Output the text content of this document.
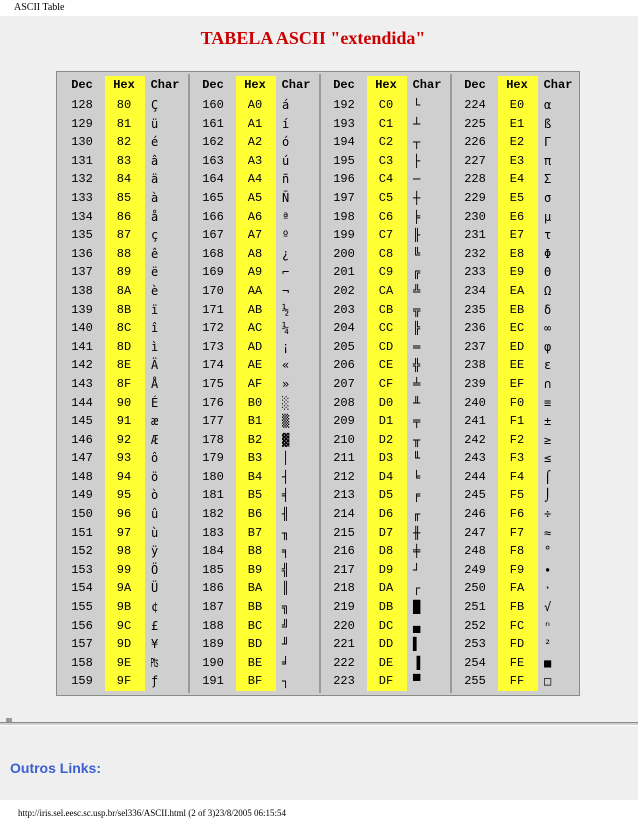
ASCII Table
TABELA ASCII "extendida"
Dec	Hex	Char
128	80	Ç
129	81	ü
130	82	é
131	83	â
132	84	ä
133	85	à
134	86	å
135	87	ç
136	88	ê
137	89	ë
138	8A	è
139	8B	ï
140	8C	î
141	8D	ì
142	8E	Ä
143	8F	Å
144	90	É
145	91	æ
146	92	Æ
147	93	ô
148	94	ö
149	95	ò
150	96	û
151	97	ù
152	98	ÿ
153	99	Ö
154	9A	Ü
155	9B	¢
156	9C	£
157	9D	¥
158	9E	₧
159	9F	ƒ
Dec	Hex	Char
160	A0	á
161	A1	í
162	A2	ó
163	A3	ú
164	A4	ñ
165	A5	Ñ
166	A6	ª
167	A7	º
168	A8	¿
169	A9	⌐
170	AA	¬
171	AB	½
172	AC	¼
173	AD	¡
174	AE	«
175	AF	»
176	B0	░
177	B1	▒
178	B2	▓
179	B3	│
180	B4	┤
181	B5	╡
182	B6	╢
183	B7	╖
184	B8	╕
185	B9	╣
186	BA	║
187	BB	╗
188	BC	╝
189	BD	╜
190	BE	╛
191	BF	┐
Dec	Hex	Char
192	C0	└
193	C1	┴
194	C2	┬
195	C3	├
196	C4	─
197	C5	┼
198	C6	╞
199	C7	╟
200	C8	╚
201	C9	╔
202	CA	╩
203	CB	╦
204	CC	╠
205	CD	═
206	CE	╬
207	CF	╧
208	D0	╨
209	D1	╤
210	D2	╥
211	D3	╙
212	D4	╘
213	D5	╒
214	D6	╓
215	D7	╫
216	D8	╪
217	D9	┘
218	DA	┌
219	DB	█
220	DC	▄
221	DD	▌
222	DE	▐
223	DF	▀
Dec	Hex	Char
224	E0	α
225	E1	ß
226	E2	Γ
227	E3	π
228	E4	Σ
229	E5	σ
230	E6	µ
231	E7	τ
232	E8	Φ
233	E9	Θ
234	EA	Ω
235	EB	δ
236	EC	∞
237	ED	φ
238	EE	ε
239	EF	∩
240	F0	≡
241	F1	±
242	F2	≥
243	F3	≤
244	F4	⌠
245	F5	⌡
246	F6	÷
247	F7	≈
248	F8	°
249	F9	∙
250	FA	·
251	FB	√
252	FC	ⁿ
253	FD	²
254	FE	■
255	FF	□
Outros Links:
http://iris.sel.eesc.sc.usp.br/sel336/ASCII.html (2 of 3)23/8/2005 06:15:54
